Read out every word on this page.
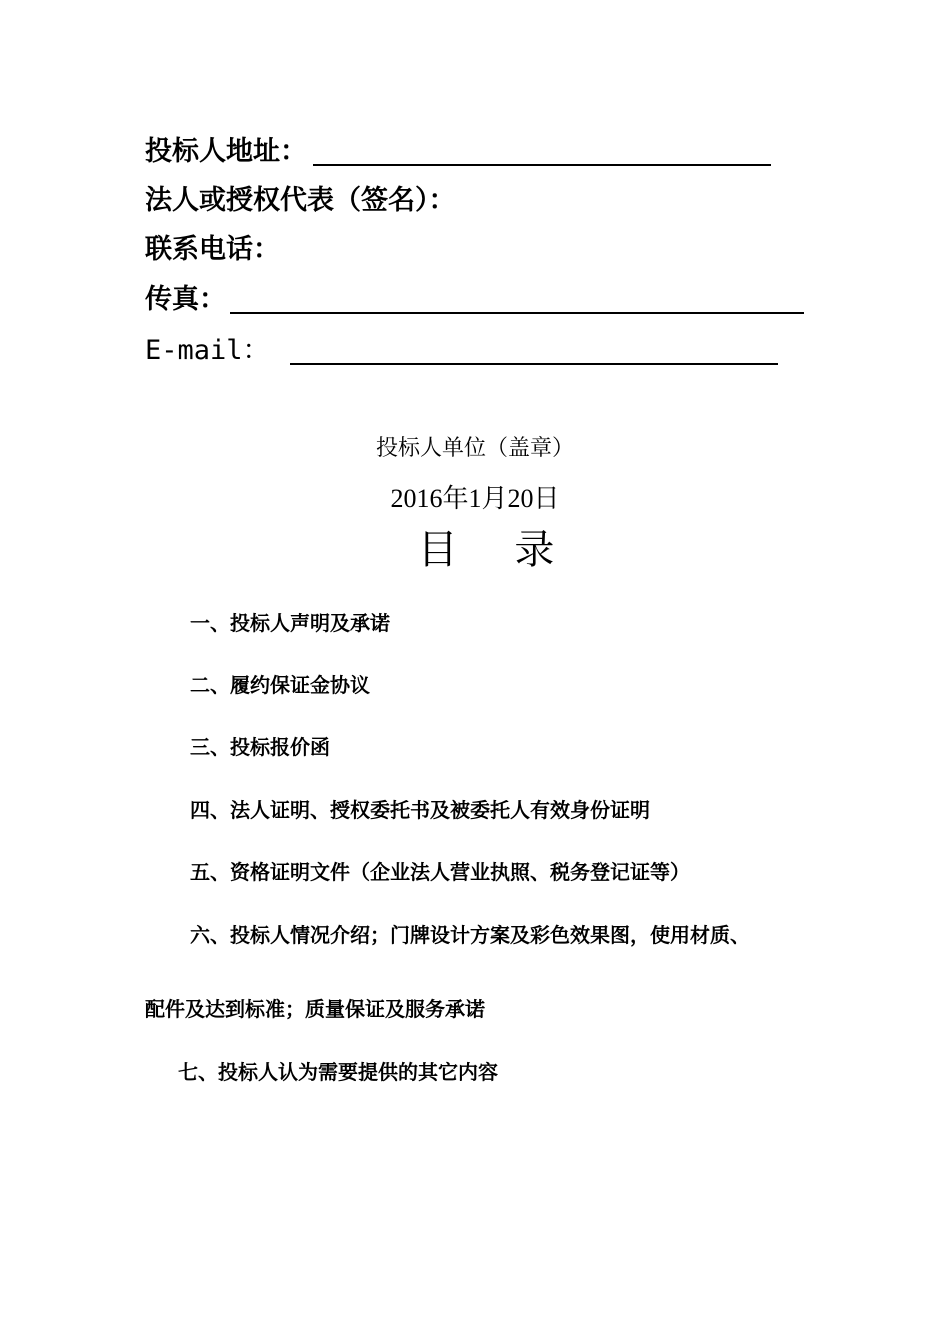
投标人地址：
法人或授权代表（签名）：
联系电话：
传真：
E-mail：
投标人单位（盖章）
2016年1月20日
目 录
一、投标人声明及承诺
二、履约保证金协议
三、投标报价函
四、法人证明、授权委托书及被委托人有效身份证明
五、资格证明文件（企业法人营业执照、税务登记证等）
六、投标人情况介绍；门牌设计方案及彩色效果图，使用材质、
配件及达到标准；质量保证及服务承诺
七、投标人认为需要提供的其它内容
